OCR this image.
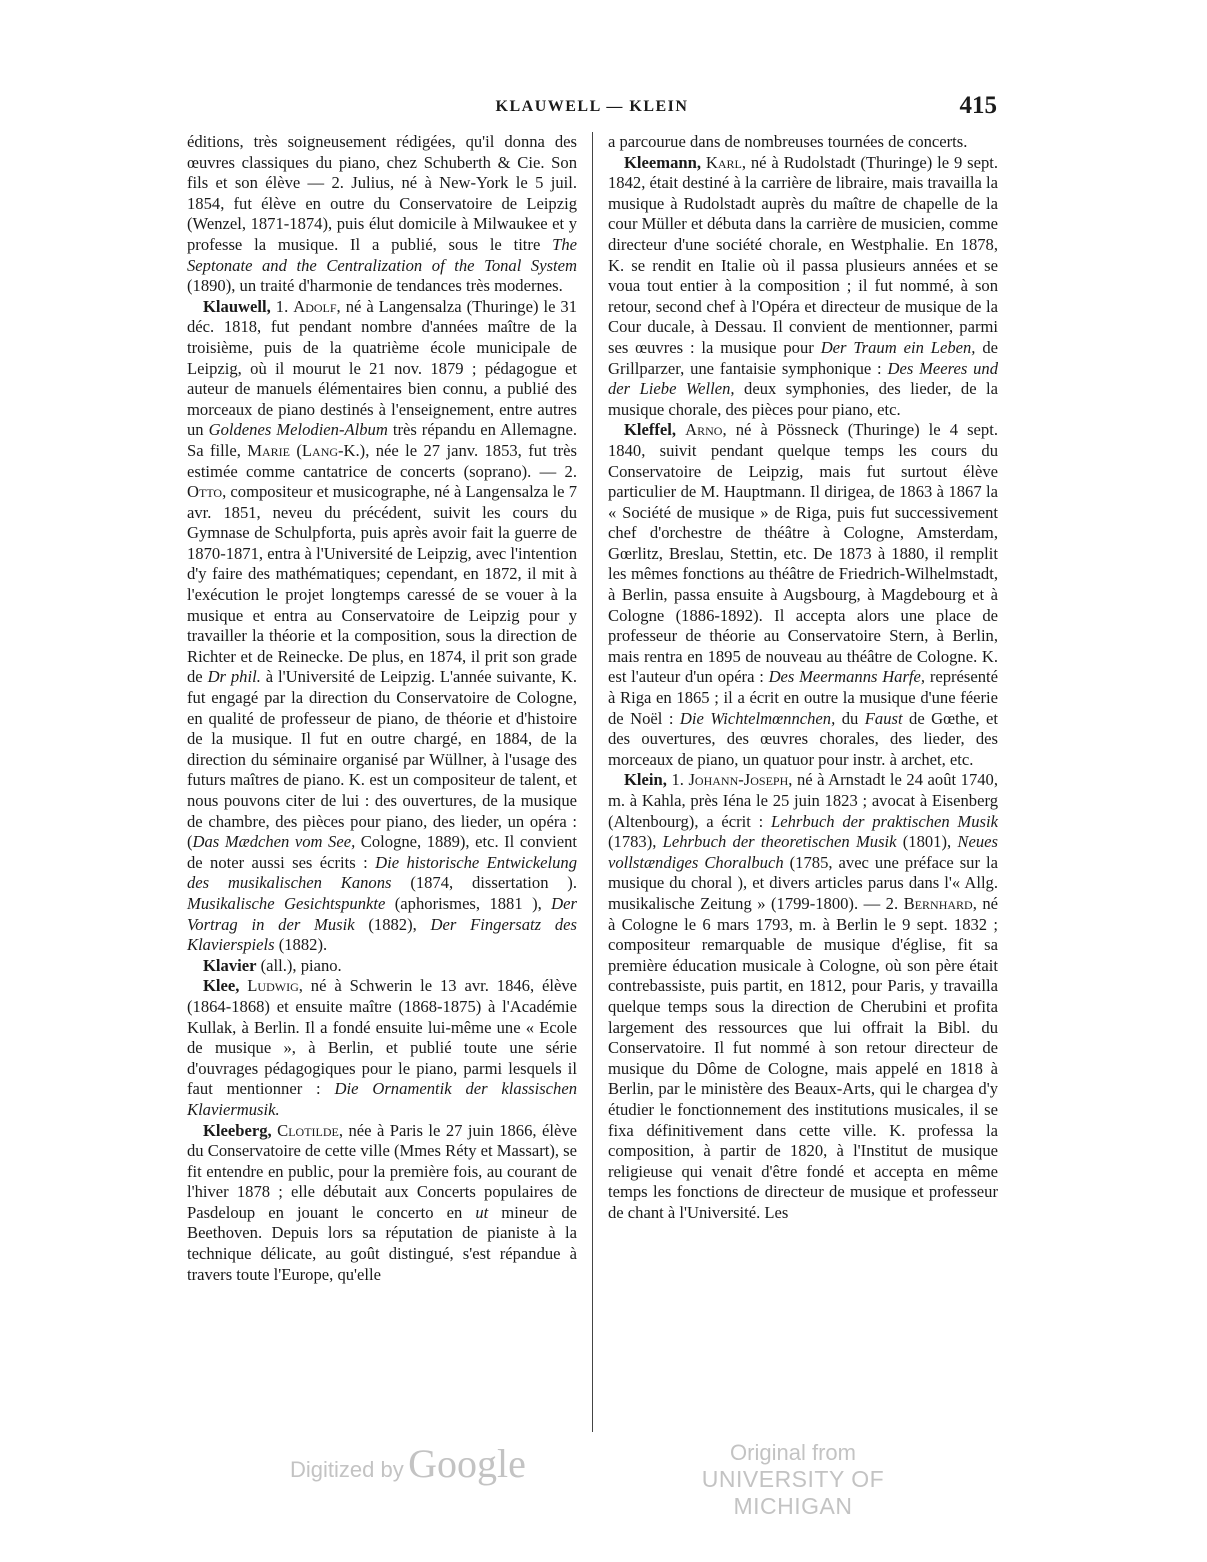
KLAUWELL — KLEIN	415

éditions, très soigneusement rédigées, qu'il donna des œuvres classiques du piano, chez Schuberth & Cie. Son fils et son élève — 2. Julius, né à New-York le 5 juil. 1854, fut élève en outre du Conservatoire de Leipzig (Wenzel, 1871-1874), puis élut domicile à Milwaukee et y professe la musique. Il a publié, sous le titre The Septonate and the Centralization of the Tonal System (1890), un traité d'harmonie de tendances très modernes.

Klauwell, 1. Adolf, né à Langensalza (Thuringe) le 31 déc. 1818, fut pendant nombre d'années maître de la troisième, puis de la quatrième école municipale de Leipzig, où il mourut le 21 nov. 1879 ; pédagogue et auteur de manuels élémentaires bien connu, a publié des morceaux de piano destinés à l'enseignement, entre autres un Goldenes Melodien-Album très répandu en Allemagne. Sa fille, Marie (Lang-K.), née le 27 janv. 1853, fut très estimée comme cantatrice de concerts (soprano). — 2. Otto, compositeur et musicographe, né à Langensalza le 7 avr. 1851, neveu du précédent, suivit les cours du Gymnase de Schulpforta, puis après avoir fait la guerre de 1870-1871, entra à l'Université de Leipzig, avec l'intention d'y faire des mathématiques; cependant, en 1872, il mit à l'exécution le projet longtemps caressé de se vouer à la musique et entra au Conservatoire de Leipzig pour y travailler la théorie et la composition, sous la direction de Richter et de Reinecke. De plus, en 1874, il prit son grade de Dr phil. à l'Université de Leipzig. L'année suivante, K. fut engagé par la direction du Conservatoire de Cologne, en qualité de professeur de piano, de théorie et d'histoire de la musique. Il fut en outre chargé, en 1884, de la direction du séminaire organisé par Wüllner, à l'usage des futurs maîtres de piano. K. est un compositeur de talent, et nous pouvons citer de lui : des ouvertures, de la musique de chambre, des pièces pour piano, des lieder, un opéra : (Das Mædchen vom See, Cologne, 1889), etc. Il convient de noter aussi ses écrits : Die historische Entwickelung des musikalischen Kanons (1874, dissertation ). Musikalische Gesichtspunkte (aphorismes, 1881 ), Der Vortrag in der Musik (1882), Der Fingersatz des Klavierspiels (1882).

Klavier (all.), piano.

Klee, Ludwig, né à Schwerin le 13 avr. 1846, élève (1864-1868) et ensuite maître (1868-1875) à l'Académie Kullak, à Berlin. Il a fondé ensuite lui-même une « Ecole de musique », à Berlin, et publié toute une série d'ouvrages pédagogiques pour le piano, parmi lesquels il faut mentionner : Die Ornamentik der klassischen Klaviermusik.

Kleeberg, Clotilde, née à Paris le 27 juin 1866, élève du Conservatoire de cette ville (Mmes Réty et Massart), se fit entendre en public, pour la première fois, au courant de l'hiver 1878 ; elle débutait aux Concerts populaires de Pasdeloup en jouant le concerto en ut mineur de Beethoven. Depuis lors sa réputation de pianiste à la technique délicate, au goût distingué, s'est répandue à travers toute l'Europe, qu'elle

a parcourue dans de nombreuses tournées de concerts.

Kleemann, Karl, né à Rudolstadt (Thuringe) le 9 sept. 1842, était destiné à la carrière de libraire, mais travailla la musique à Rudolstadt auprès du maître de chapelle de la cour Müller et débuta dans la carrière de musicien, comme directeur d'une société chorale, en Westphalie. En 1878, K. se rendit en Italie où il passa plusieurs années et se voua tout entier à la composition ; il fut nommé, à son retour, second chef à l'Opéra et directeur de musique de la Cour ducale, à Dessau. Il convient de mentionner, parmi ses œuvres : la musique pour Der Traum ein Leben, de Grillparzer, une fantaisie symphonique : Des Meeres und der Liebe Wellen, deux symphonies, des lieder, de la musique chorale, des pièces pour piano, etc.

Kleffel, Arno, né à Pössneck (Thuringe) le 4 sept. 1840, suivit pendant quelque temps les cours du Conservatoire de Leipzig, mais fut surtout élève particulier de M. Hauptmann. Il dirigea, de 1863 à 1867 la « Société de musique » de Riga, puis fut successivement chef d'orchestre de théâtre à Cologne, Amsterdam, Gœrlitz, Breslau, Stettin, etc. De 1873 à 1880, il remplit les mêmes fonctions au théâtre de Friedrich-Wilhelmstadt, à Berlin, passa ensuite à Augsbourg, à Magdebourg et à Cologne (1886-1892). Il accepta alors une place de professeur de théorie au Conservatoire Stern, à Berlin, mais rentra en 1895 de nouveau au théâtre de Cologne. K. est l'auteur d'un opéra : Des Meermanns Harfe, représenté à Riga en 1865 ; il a écrit en outre la musique d'une féerie de Noël : Die Wichtelmœnnchen, du Faust de Gœthe, et des ouvertures, des œuvres chorales, des lieder, des morceaux de piano, un quatuor pour instr. à archet, etc.

Klein, 1. Johann-Joseph, né à Arnstadt le 24 août 1740, m. à Kahla, près Iéna le 25 juin 1823 ; avocat à Eisenberg (Altenbourg), a écrit : Lehrbuch der praktischen Musik (1783), Lehrbuch der theoretischen Musik (1801), Neues vollstændiges Choralbuch (1785, avec une préface sur la musique du choral ), et divers articles parus dans l'« Allg. musikalische Zeitung » (1799-1800). — 2. Bernhard, né à Cologne le 6 mars 1793, m. à Berlin le 9 sept. 1832 ; compositeur remarquable de musique d'église, fit sa première éducation musicale à Cologne, où son père était contrebassiste, puis partit, en 1812, pour Paris, y travailla quelque temps sous la direction de Cherubini et profita largement des ressources que lui offrait la Bibl. du Conservatoire. Il fut nommé à son retour directeur de musique du Dôme de Cologne, mais appelé en 1818 à Berlin, par le ministère des Beaux-Arts, qui le chargea d'y étudier le fonctionnement des institutions musicales, il se fixa définitivement dans cette ville. K. professa la composition, à partir de 1820, à l'Institut de musique religieuse qui venait d'être fondé et accepta en même temps les fonctions de directeur de musique et professeur de chant à l'Université. Les

Digitized by Google	Original from
UNIVERSITY OF MICHIGAN
